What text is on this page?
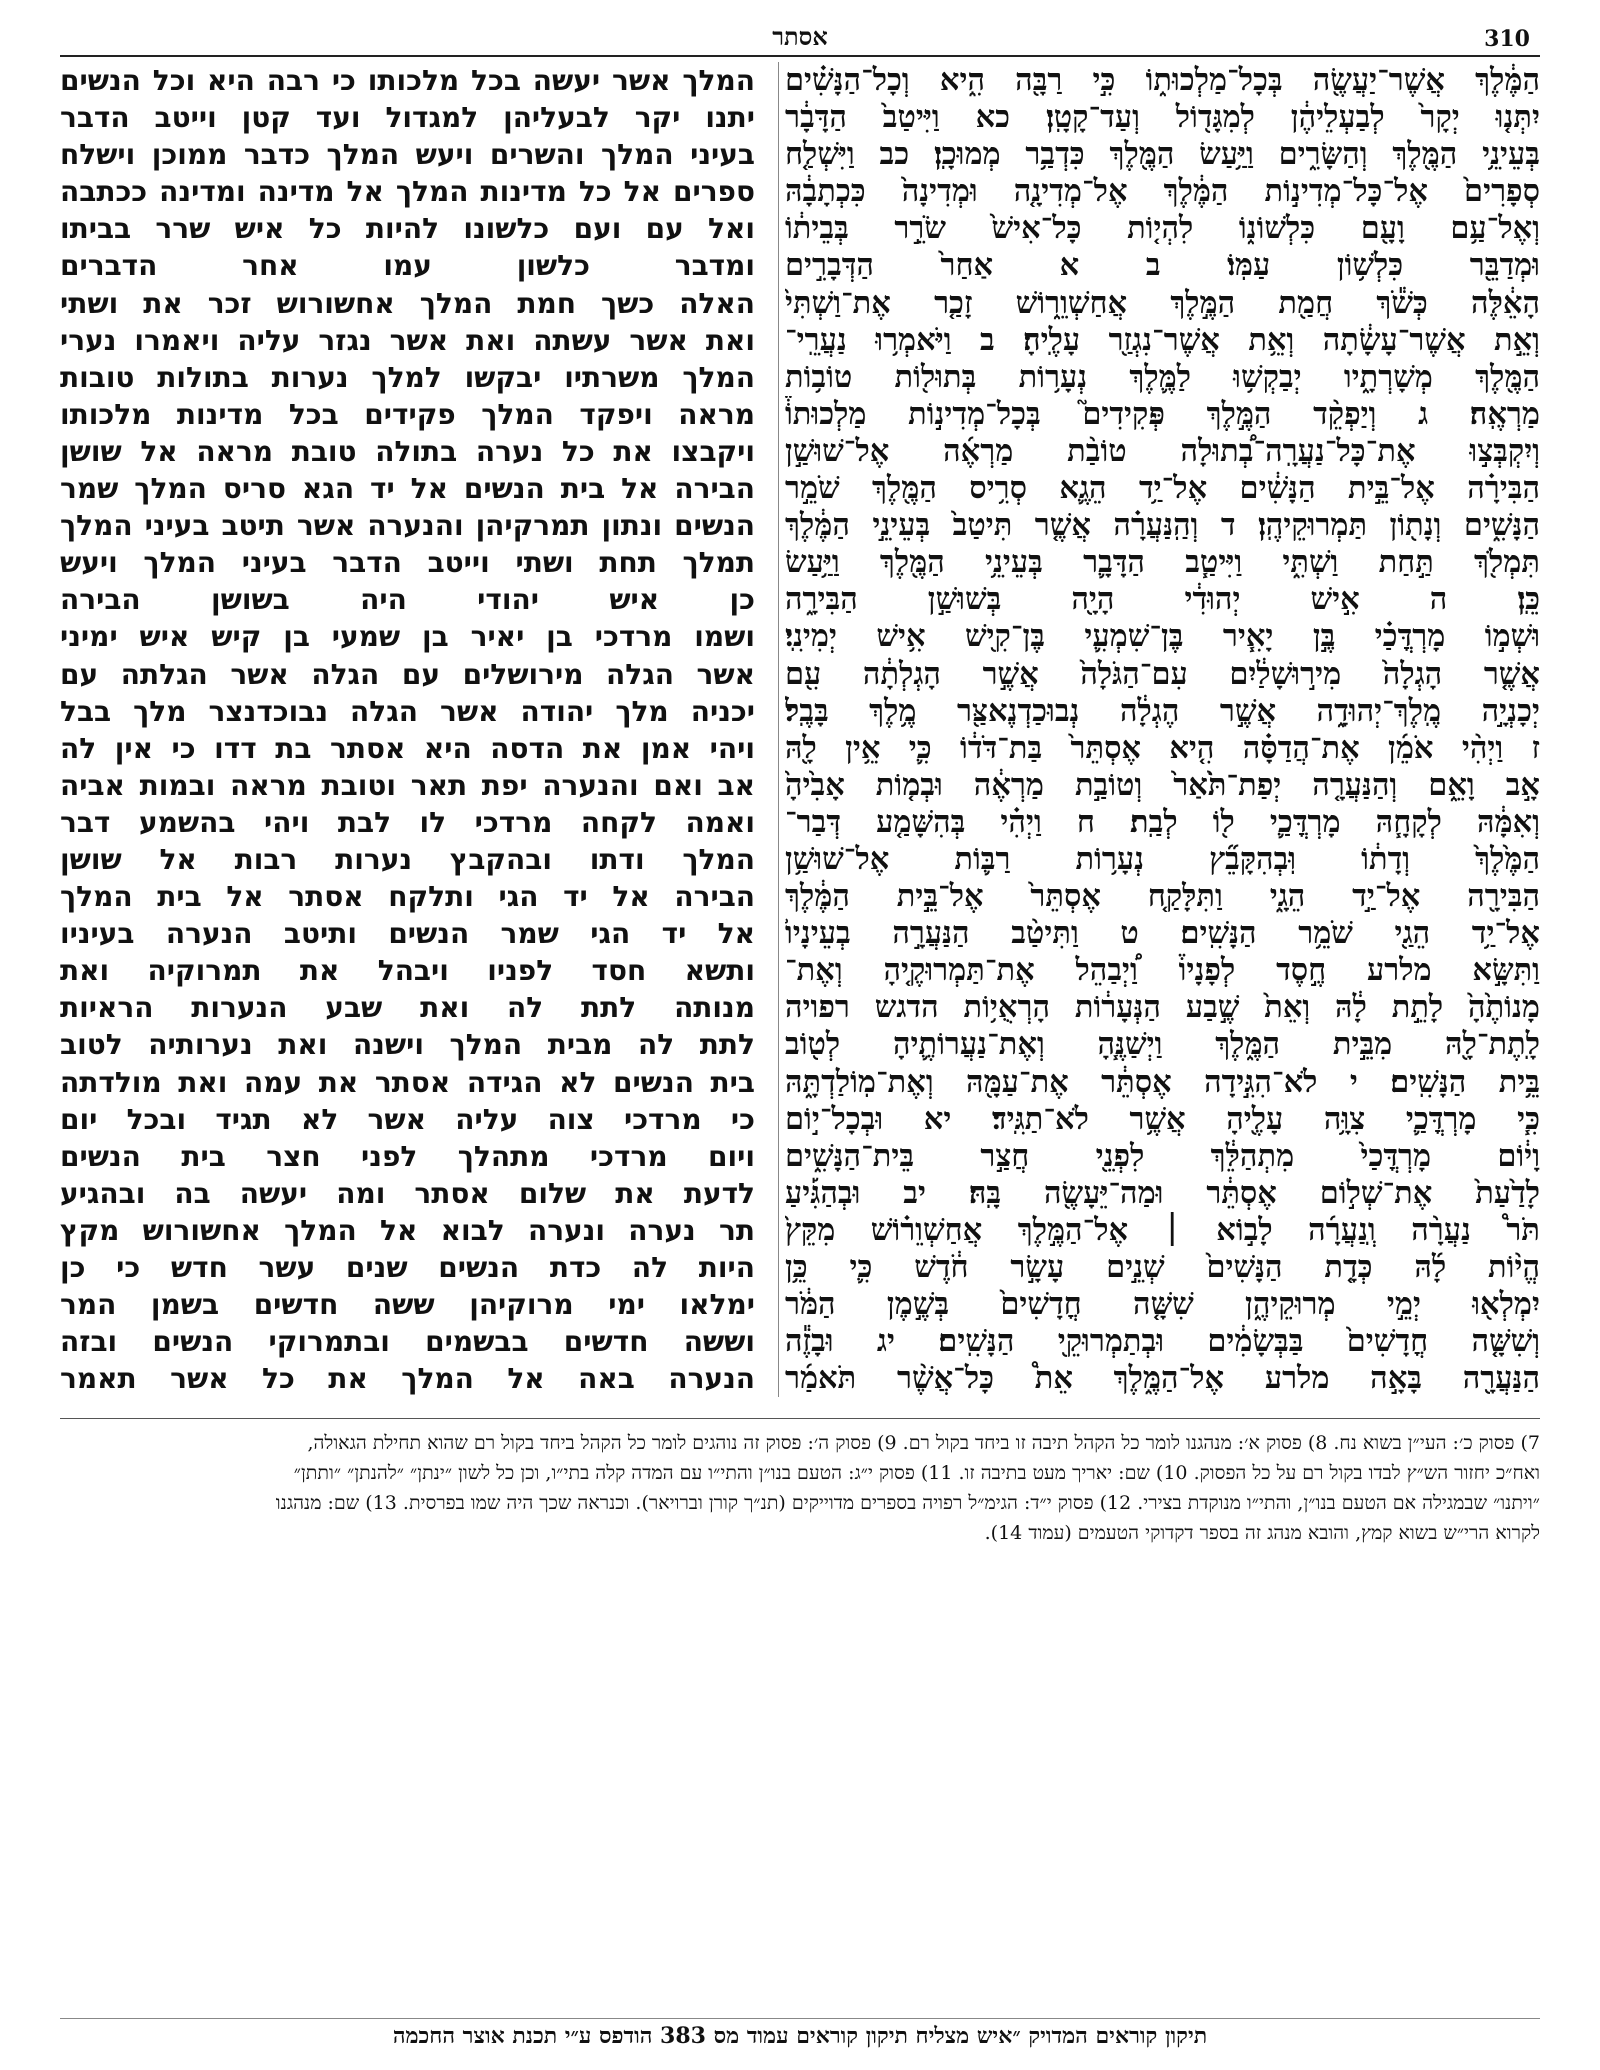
אסתר	310
הַמֶּ֔לֶךְ אֲשֶׁר־יַעֲשֶׂ֖ה בְּכָל־מַלְכוּת֑וֹ כִּ֣י רַבָּ֖ה הִ֑יא וְכָל־הַנָּשִׁ֗ים
יִתְּנ֤וּ יְקָר֙ לְבַעְלֵיהֶ֔ן לְמִגָּד֖וֹל וְעַד־קָטָֽן׃ כא וַיִּיטַב֙ הַדָּבָ֔ר
בְּעֵינֵ֥י הַמֶּ֖לֶךְ וְהַשָּׂרִ֑ים וַיַּ֥עַשׂ הַמֶּ֖לֶךְ כִּדְבַ֥ר מְמוּכָֽן׃ כב וַיִּשְׁלַ֤ח
סְפָרִים֙ אֶל־כָּל־מְדִינ֣וֹת הַמֶּ֔לֶךְ אֶל־מְדִינָ֤ה וּמְדִינָה֙ כִּכְתָבָ֔הּ
וְאֶל־עַ֥ם וָעָ֖ם כִּלְשׁוֹנ֑וֹ לִהְי֤וֹת כָּל־אִישׁ֙ שֹׂרֵ֣ר בְּבֵית֔וֹ
וּמְדַבֵּ֖ר כִּלְשׁ֥וֹן עַמּֽוֹ׃ ב א אַחַר֙ הַדְּבָרִ֣ים
הָאֵ֔לֶּה כְּשֹׁ֕ךְ חֲמַ֖ת הַמֶּ֣לֶךְ אֲחַשְׁוֵר֑וֹשׁ זָכַ֤ר אֶת־וַשְׁתִּי֙
וְאֵ֣ת אֲשֶׁר־עָשָׂ֔תָה וְאֵ֥ת אֲשֶׁר־נִגְזַ֖ר עָלֶֽיהָ׃ ב וַיֹּאמְר֥וּ נַעֲרֵֽי־
הַמֶּ֖לֶךְ מְשָׁרְתָ֑יו יְבַקְשׁ֥וּ לַמֶּ֛לֶךְ נְעָר֥וֹת בְּתוּל֖וֹת טוֹב֥וֹת
מַרְאֶֽה׃ ג וְיַפְקֵ֨ד הַמֶּ֣לֶךְ פְּקִידִים֮ בְּכָל־מְדִינ֣וֹת מַלְכוּתוֹ֒
וְיִקְבְּצ֣וּ אֶת־כָּל־נַעֲרָֽה־בְ֠תוּלָה טוֹבַ֨ת מַרְאֶ֜ה אֶל־שׁוּשַׁ֣ן
הַבִּירָ֗ה אֶל־בֵּ֣ית הַנָּשִׁ֔ים אֶל־יַ֥ד הֵגֶ֛א סְרִ֥יס הַמֶּ֖לֶךְ שֹׁמֵ֣ר
הַנָּשִׁ֑ים וְנָת֖וֹן תַּמְרוּקֵיהֶֽן׃ ד וְהַֽנַּעֲרָ֗ה אֲשֶׁ֤ר תִּיטַב֙ בְּעֵינֵ֣י הַמֶּ֔לֶךְ
תִּמְלֹ֖ךְ תַּ֣חַת וַשְׁתִּ֑י וַיִּיטַ֧ב הַדָּבָ֛ר בְּעֵינֵ֥י הַמֶּ֖לֶךְ וַיַּ֥עַשׂ
כֵּֽן׃ ה אִ֣ישׁ יְהוּדִ֔י הָיָ֖ה בְּשׁוּשַׁ֣ן הַבִּירָ֑ה
וּשְׁמ֣וֹ מָרְדֳּכַ֗י בֶּ֣ן יָאִ֧יר בֶּן־שִׁמְעִ֛י בֶּן־קִ֖ישׁ אִ֥ישׁ יְמִינִֽי׃
אֲשֶׁ֤ר הָגְלָה֙ מִיר֣וּשָׁלַ֔יִם עִם־הַגֹּלָה֙ אֲשֶׁ֣ר הָגְלְתָ֔ה עִ֖ם
יְכָנְיָ֣ה מֶֽלֶךְ־יְהוּדָ֑ה אֲשֶׁ֣ר הֶגְלָ֔ה נְבוּכַדְנֶאצַּ֖ר מֶ֥לֶךְ בָּבֶֽל׃
ז וַיְהִ֨י אֹמֵ֜ן אֶת־הֲדַסָּ֗ה הִ֤יא אֶסְתֵּר֙ בַּת־דֹּד֔וֹ כִּ֛י אֵ֥ין לָ֖הּ
אָ֣ב וָאֵ֑ם וְהַנַּעֲרָ֤ה יְפַת־תֹּ֙אַר֙ וְטוֹבַ֣ת מַרְאֶ֔ה וּבְמ֤וֹת אָבִ֙יהָ֙
וְאִמָּ֔הּ לְקָחָ֧הּ מָרְדֳּכַ֛י ל֖וֹ לְבַֽת׃ ח וַיְהִ֗י בְּהִשָּׁמַ֤ע דְּבַר־
הַמֶּ֙לֶךְ֙ וְדָת֔וֹ וּֽבְהִקָּבֵ֞ץ נְעָר֥וֹת רַבּ֛וֹת אֶל־שׁוּשַׁ֥ן
הַבִּירָ֖ה אֶל־יַ֣ד הֵגָ֑י וַתִּלָּקַ֤ח אֶסְתֵּר֙ אֶל־בֵּ֣ית הַמֶּ֔לֶךְ
אֶל־יַ֥ד הֵגַ֖י שֹׁמֵ֥ר הַנָּשִֽׁים׃ ט וַתִּיטַ֨ב הַנַּעֲרָ֣ה בְעֵינָיו֮
וַתִּשָּׂ֣א מלרע חֶ֣סֶד לְפָנָיו֒ וַ֠יְבַהֵל אֶת־תַּמְרוּקֶ֤יהָ וְאֶת־
מָנוֹתֶ֙הָ֙ לָתֵ֣ת לָ֔הּ וְאֵת֙ שֶׁ֣בַע הַנְּעָר֔וֹת הָרְאֻי֥וֹת הדגש רפויה
לָֽתֶת־לָ֖הּ מִבֵּ֣ית הַמֶּ֑לֶךְ וַיְשַׁנֶּ֧הָ וְאֶת־נַעֲרוֹתֶ֛יהָ לְט֖וֹב
בֵּ֥ית הַנָּשִֽׁים׃ י לֹא־הִגִּ֣ידָה אֶסְתֵּ֔ר אֶת־עַמָּ֖הּ וְאֶת־מֽוֹלַדְתָּ֑הּ
כִּ֧י מָרְדֳּכַ֛י צִוָּ֥ה עָלֶ֖יהָ אֲשֶׁ֥ר לֹא־תַגִּֽיד׃ יא וּבְכָל־י֣וֹם
וָי֔וֹם מָרְדֳּכַי֙ מִתְהַלֵּ֔ךְ לִפְנֵ֖י חֲצַ֣ר בֵּית־הַנָּשִׁ֑ים
לָדַ֙עַת֙ אֶת־שְׁל֣וֹם אֶסְתֵּ֔ר וּמַה־יֵּעָשֶׂ֖ה בָּֽהּ׃ יב וּבְהַגִּ֡יעַ
תֹּר֩ נַעֲרָ֨ה וְֽנַעֲרָ֜ה לָב֣וֹא ׀ אֶל־הַמֶּ֣לֶךְ אֲחַשְׁוֵר֗וֹשׁ מִקֵּץ֙
הֱי֨וֹת לָ֜הּ כְּדָ֤ת הַנָּשִׁים֙ שְׁנֵ֣ים עָשָׂ֣ר חֹ֔דֶשׁ כִּ֛י כֵּ֥ן
יִמְלְא֖וּ יְמֵ֣י מְרוּקֵיהֶ֑ן שִׁשָּׁ֤ה חֳדָשִׁים֙ בְּשֶׁ֣מֶן הַמֹּ֔ר
וְשִׁשָּׁ֤ה חֳדָשִׁים֙ בַּבְּשָׂמִ֔ים וּבְתַמְרוּקֵ֖י הַנָּשִֽׁים׃ יג וּבָזֶ֕ה
הַנַּעֲרָ֖ה בָּאָ֣ה מלרע אֶל־הַמֶּ֑לֶךְ אֵת֩ כָּל־אֲשֶׁ֨ר תֹּאמַ֜ר
המלך אשר יעשה בכל מלכותו כי רבה היא וכל הנשים
יתנו יקר לבעליהן למגדול ועד קטן וייטב הדבר
בעיני המלך והשרים ויעש המלך כדבר ממוכן וישלח
ספרים אל כל מדינות המלך אל מדינה ומדינה ככתבה
ואל עם ועם כלשונו להיות כל איש שרר בביתו
ומדבר כלשון עמו אחר הדברים
האלה כשך חמת המלך אחשורוש זכר את ושתי
ואת אשר עשתה ואת אשר נגזר עליה ויאמרו נערי
המלך משרתיו יבקשו למלך נערות בתולות טובות
מראה ויפקד המלך פקידים בכל מדינות מלכותו
ויקבצו את כל נערה בתולה טובת מראה אל שושן
הבירה אל בית הנשים אל יד הגא סריס המלך שמר
הנשים ונתון תמרקיהן והנערה אשר תיטב בעיני המלך
תמלך תחת ושתי וייטב הדבר בעיני המלך ויעש
כן איש יהודי היה בשושן הבירה
ושמו מרדכי בן יאיר בן שמעי בן קיש איש ימיני
אשר הגלה מירושלים עם הגלה אשר הגלתה עם
יכניה מלך יהודה אשר הגלה נבוכדנצר מלך בבל
ויהי אמן את הדסה היא אסתר בת דדו כי אין לה
אב ואם והנערה יפת תאר וטובת מראה ובמות אביה
ואמה לקחה מרדכי לו לבת ויהי בהשמע דבר
המלך ודתו ובהקבץ נערות רבות אל שושן
הבירה אל יד הגי ותלקח אסתר אל בית המלך
אל יד הגי שמר הנשים ותיטב הנערה בעיניו
ותשא חסד לפניו ויבהל את תמרוקיה ואת
מנותה לתת לה ואת שבע הנערות הראיות
לתת לה מבית המלך וישנה ואת נערותיה לטוב
בית הנשים לא הגידה אסתר את עמה ואת מולדתה
כי מרדכי צוה עליה אשר לא תגיד ובכל יום
ויום מרדכי מתהלך לפני חצר בית הנשים
לדעת את שלום אסתר ומה יעשה בה ובהגיע
תר נערה ונערה לבוא אל המלך אחשורוש מקץ
היות לה כדת הנשים שנים עשר חדש כי כן
ימלאו ימי מרוקיהן ששה חדשים בשמן המר
וששה חדשים בבשמים ובתמרוקי הנשים ובזה
הנערה באה אל המלך את כל אשר תאמר
7) פסוק כ׳: העי״ן בשוא נח. 8) פסוק א׳: מנהגנו לומר כל הקהל תיבה זו ביחד בקול רם. 9) פסוק ה׳: פסוק זה נוהגים לומר כל הקהל ביחד בקול רם שהוא תחילת הגאולה,
ואח״כ יחזור הש״ץ לבדו בקול רם על כל הפסוק. 10) שם: יאריך מעט בתיבה זו. 11) פסוק י״ג: הטעם בנו״ן והתי״ו עם המדה קלה בתי״ו, וכן כל לשון ״ינתן״ ״להנתן״ ״ותתן״
״ויתנו״ שבמגילה אם הטעם בנו״ן, והתי״ו מנוקדת בצירי. 12) פסוק י״ד: הגימ״ל רפויה בספרים מדוייקים (תנ״ך קורן וברויאר). וכנראה שכך היה שמו בפרסית. 13) שם: מנהגנו
לקרוא הרי״ש בשוא קמץ, והובא מנהג זה בספר דקדוקי הטעמים (עמוד 14).
תיקון קוראים המדויק ״איש מצליח תיקון קוראים עמוד מס 383 הודפס ע״י תכנת אוצר החכמה
